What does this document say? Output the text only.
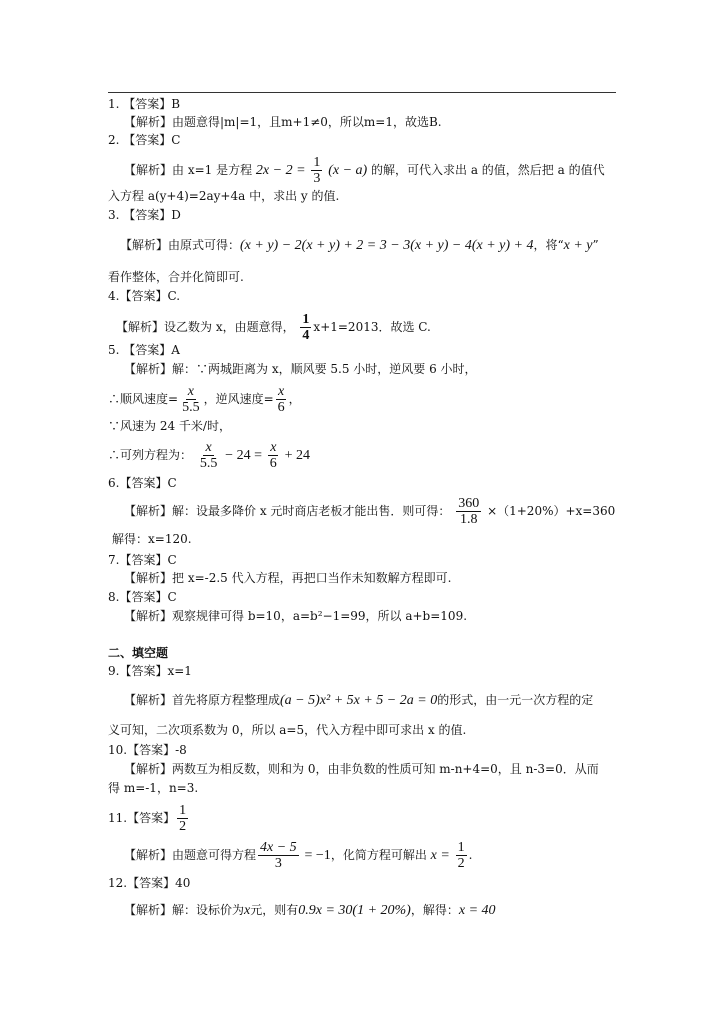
1. 【答案】B
【解析】由题意得|m|=1，且m+1≠0，所以m=1，故选B.
2. 【答案】C
【解析】由 x=1 是方程 $2x - 2 = \frac{1}{3} (x - a)$ 的解，可代入求出 a 的值，然后把 a 的值代
入方程 a(y+4)=2ay+4a 中，求出 y 的值.
3. 【答案】D
【解析】由原式可得：(x + y) − 2(x + y) + 2 = 3 − 3(x + y) − 4(x + y) + 4，将“x + y”
看作整体，合并化简即可.
4.【答案】C.
【解析】设乙数为 x，由题意得， $\frac{1}{4} x+1=2013$．故选 C.
5. 【答案】A
【解析】解：∵两城距离为 x，顺风要 5.5 小时，逆风要 6 小时，
∴顺风速度= $\frac{x}{5.5}$ ，逆风速度= $\frac{x}{6}$ ，
∵风速为 24 千米/时，
∴可列方程为： $\frac{x}{5.5} - 24 = \frac{x}{6} + 24$
6.【答案】C
【解析】解：设最多降价 x 元时商店老板才能出售．则可得： $\frac{360}{1.8} \times(1+20\%)+x=360$
解得：x=120.
7.【答案】C
【解析】把 x=-2.5 代入方程，再把口当作未知数解方程即可.
8.【答案】C
【解析】观察规律可得 b=10，a=b²−1=99，所以 a+b=109.
二、填空题
9.【答案】x=1
【解析】首先将原方程整理成(a − 5)x² + 5x + 5 − 2a = 0的形式，由一元一次方程的定
义可知，二次项系数为 0，所以 a=5，代入方程中即可求出 x 的值.
10.【答案】-8
【解析】两数互为相反数，则和为 0，由非负数的性质可知 m-n+4=0，且 n-3=0．从而
得 m=-1，n=3.
11.【答案】 $\frac{1}{2}$
【解析】由题意可得方程 $\frac{4x - 5}{3} = -1$，化简方程可解出 $x = \frac{1}{2}$ .
12.【答案】40
【解析】解：设标价为x元，则有0.9x = 30(1 + 20%)，解得：x = 40
